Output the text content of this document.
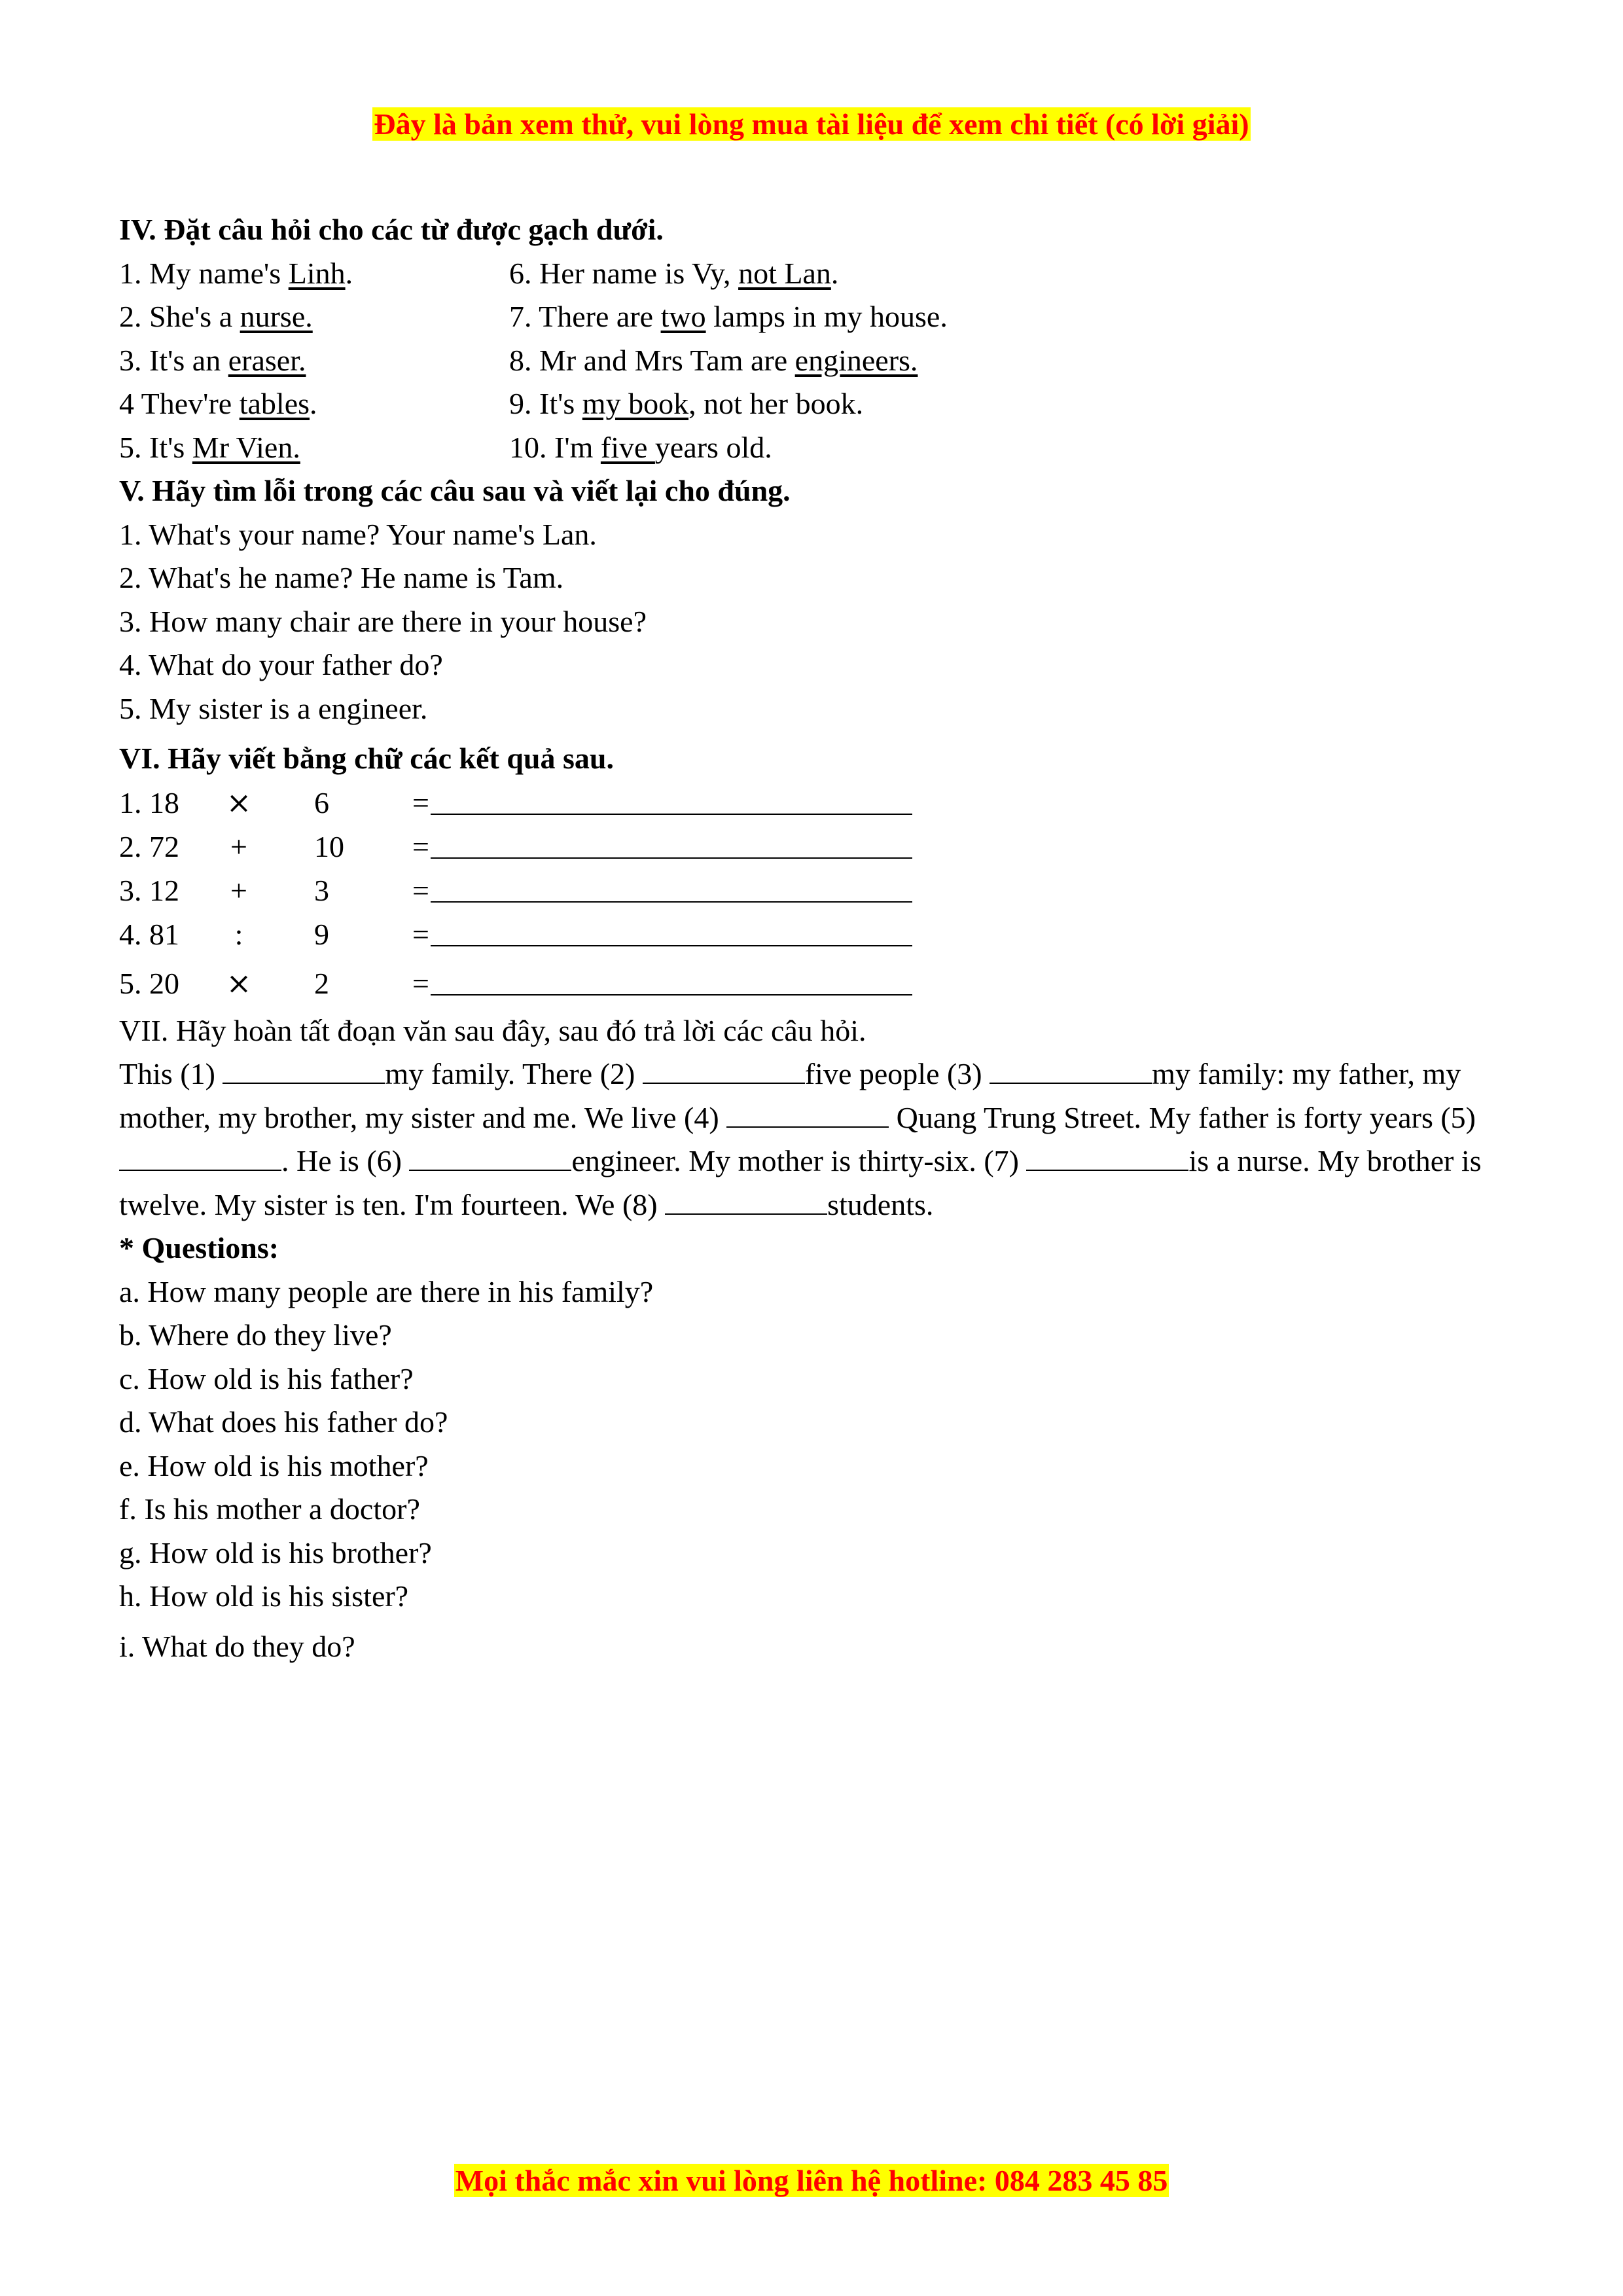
Đây là bản xem thử, vui lòng mua tài liệu để xem chi tiết (có lời giải)
IV. Đặt câu hỏi cho các từ được gạch dưới.
1. My name's Linh.	6. Her name is Vy, not Lan.
2. She's a nurse.	7. There are two lamps in my house.
3. It's an eraser.	8. Mr and Mrs Tam are engineers.
4 Thev're tables.	9. It's my book, not her book.
5. It's Mr Vien.	10. I'm five years old.
V. Hãy tìm lỗi trong các câu sau và viết lại cho đúng.
1. What's your name? Your name's Lan.
2. What's he name? He name is Tam.
3. How many chair are there in your house?
4. What do your father do?
5. My sister is a engineer.
VI. Hãy viết bằng chữ các kết quả sau.
1. 18 ⨯ 6	=
2. 72 + 10 =
3. 12 + 3	=
4. 81	:	9	=
5. 20 ⨯ 2	=
VII. Hãy hoàn tất đoạn văn sau đây, sau đó trả lời các câu hỏi.
This (1)	my family. There (2)	five people (3)	my family: my father, my mother, my brother, my sister and me. We live (4)	Quang Trung Street. My father is forty years (5) . He is (6)	engineer. My mother is thirty-six. (7)	is a nurse. My brother is twelve. My sister is ten. I'm fourteen. We (8)	students.
* Questions:
a. How many people are there in his family?
b. Where do they live?
c. How old is his father?
d. What does his father do?
e. How old is his mother?
f. Is his mother a doctor?
g. How old is his brother?
h. How old is his sister?
i. What do they do?
Mọi thắc mắc xin vui lòng liên hệ hotline: 084 283 45 85
